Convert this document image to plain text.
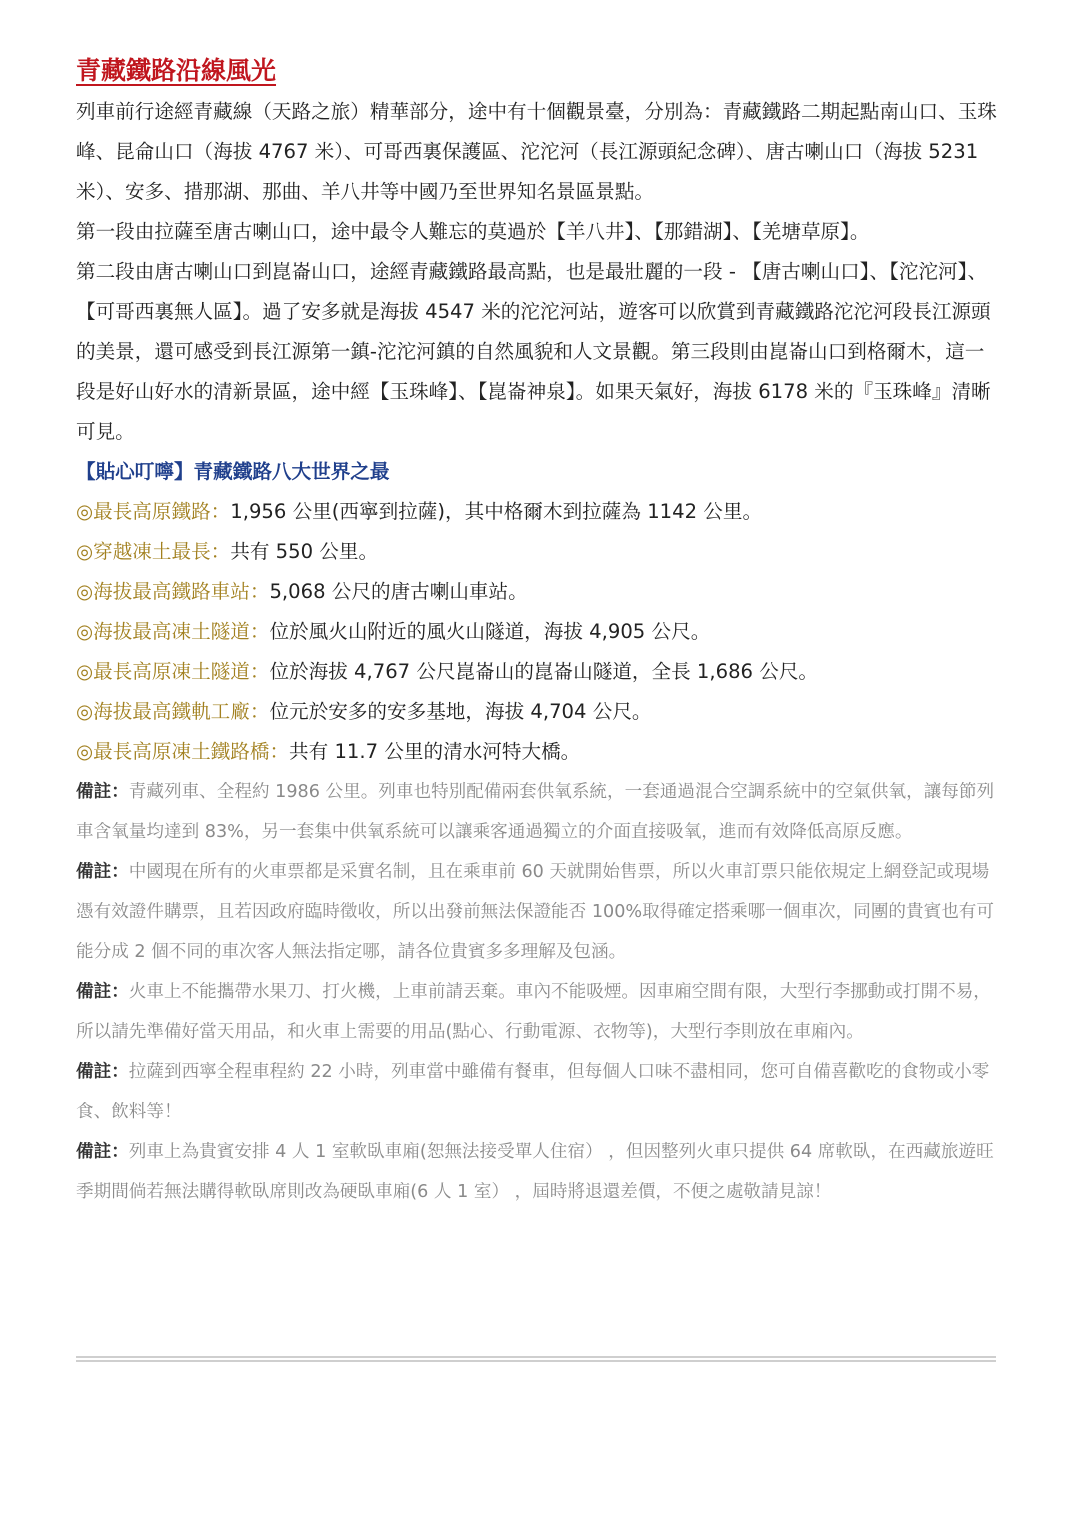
青藏鐵路沿線風光

列車前行途經青藏線（天路之旅）精華部分，途中有十個觀景臺，分別為：青藏鐵路二期起點南山口、玉珠峰、昆侖山口（海拔 4767 米）、可哥西裏保護區、沱沱河（長江源頭紀念碑）、唐古喇山口（海拔 5231 米）、安多、措那湖、那曲、羊八井等中國乃至世界知名景區景點。

第一段由拉薩至唐古喇山口，途中最令人難忘的莫過於【羊八井】、【那錯湖】、【羌塘草原】。

第二段由唐古喇山口到崑崙山口，途經青藏鐵路最高點，也是最壯麗的一段 - 【唐古喇山口】、【沱沱河】、【可哥西裏無人區】。過了安多就是海拔 4547 米的沱沱河站，遊客可以欣賞到青藏鐵路沱沱河段長江源頭的美景，還可感受到長江源第一鎮-沱沱河鎮的自然風貌和人文景觀。第三段則由崑崙山口到格爾木，這一段是好山好水的清新景區，途中經【玉珠峰】、【崑崙神泉】。如果天氣好，海拔 6178 米的『玉珠峰』清晰可見。

【貼心叮嚀】青藏鐵路八大世界之最

◎最長高原鐵路：1,956 公里(西寧到拉薩)，其中格爾木到拉薩為 1142 公里。

◎穿越凍土最長：共有 550 公里。

◎海拔最高鐵路車站：5,068 公尺的唐古喇山車站。

◎海拔最高凍土隧道：位於風火山附近的風火山隧道，海拔 4,905 公尺。

◎最長高原凍土隧道：位於海拔 4,767 公尺崑崙山的崑崙山隧道，全長 1,686 公尺。

◎海拔最高鐵軌工廠：位元於安多的安多基地，海拔 4,704 公尺。

◎最長高原凍土鐵路橋：共有 11.7 公里的清水河特大橋。

備註：青藏列車、全程約 1986 公里。列車也特別配備兩套供氧系統，一套通過混合空調系統中的空氣供氧，讓每節列車含氧量均達到 83%，另一套集中供氧系統可以讓乘客通過獨立的介面直接吸氧，進而有效降低高原反應。

備註：中國現在所有的火車票都是采實名制，且在乘車前 60 天就開始售票，所以火車訂票只能依規定上網登記或現場憑有效證件購票，且若因政府臨時徵收，所以出發前無法保證能否 100%取得確定搭乘哪一個車次，同團的貴賓也有可能分成 2 個不同的車次客人無法指定哪，請各位貴賓多多理解及包涵。

備註：火車上不能攜帶水果刀、打火機，上車前請丟棄。車內不能吸煙。因車廂空間有限，大型行李挪動或打開不易，所以請先準備好當天用品，和火車上需要的用品(點心、行動電源、衣物等)，大型行李則放在車廂內。

備註：拉薩到西寧全程車程約 22 小時，列車當中雖備有餐車，但每個人口味不盡相同，您可自備喜歡吃的食物或小零食、飲料等！

備註：列車上為貴賓安排 4 人 1 室軟臥車廂(恕無法接受單人住宿） ，但因整列火車只提供 64 席軟臥，在西藏旅遊旺季期間倘若無法購得軟臥席則改為硬臥車廂(6 人 1 室） ，屆時將退還差價，不便之處敬請見諒！
